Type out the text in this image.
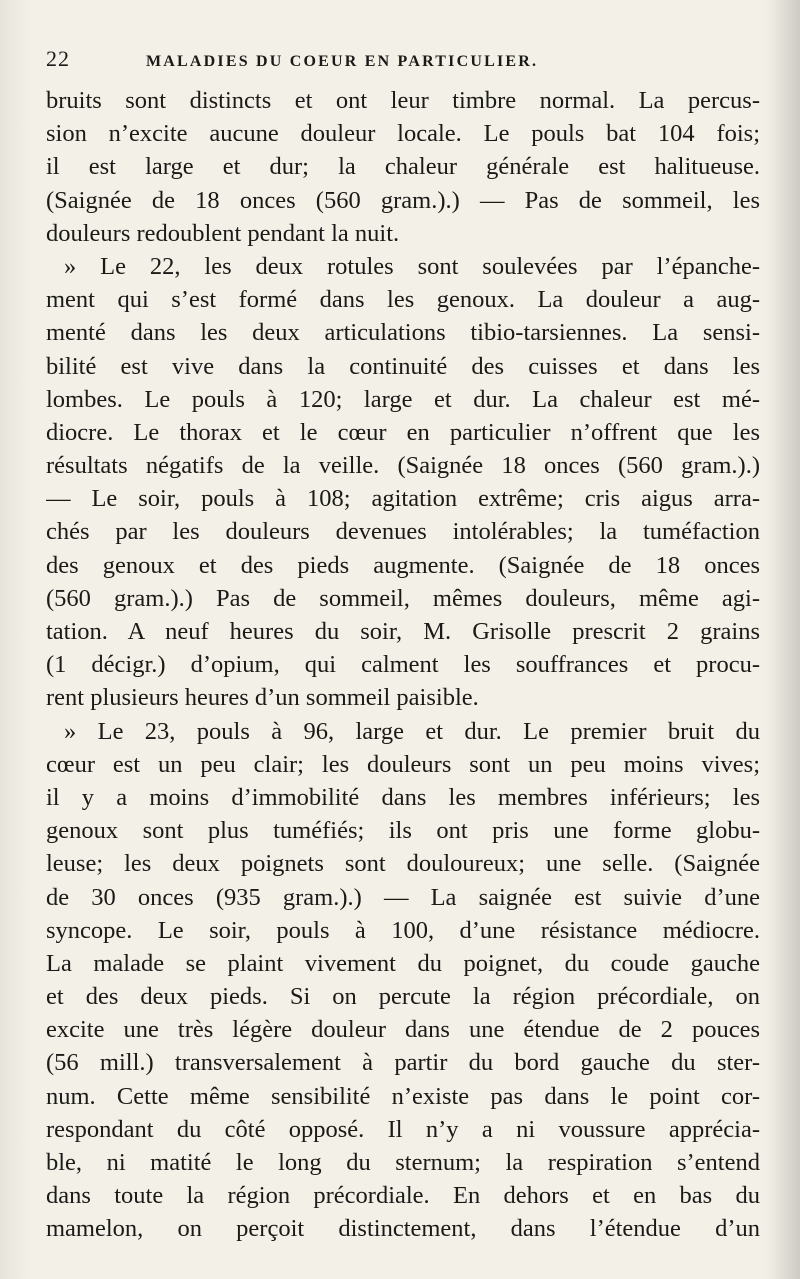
22	MALADIES DU COEUR EN PARTICULIER.
bruits sont distincts et ont leur timbre normal. La percus-
sion n’excite aucune douleur locale. Le pouls bat 104 fois;
il est large et dur; la chaleur générale est halitueuse.
(Saignée de 18 onces (560 gram.).) — Pas de sommeil, les
douleurs redoublent pendant la nuit.
» Le 22, les deux rotules sont soulevées par l’épanche-
ment qui s’est formé dans les genoux. La douleur a aug-
menté dans les deux articulations tibio-tarsiennes. La sensi-
bilité est vive dans la continuité des cuisses et dans les
lombes. Le pouls à 120; large et dur. La chaleur est mé-
diocre. Le thorax et le cœur en particulier n’offrent que les
résultats négatifs de la veille. (Saignée 18 onces (560 gram.).)
— Le soir, pouls à 108; agitation extrême; cris aigus arra-
chés par les douleurs devenues intolérables; la tuméfaction
des genoux et des pieds augmente. (Saignée de 18 onces
(560 gram.).) Pas de sommeil, mêmes douleurs, même agi-
tation. A neuf heures du soir, M. Grisolle prescrit 2 grains
(1 décigr.) d’opium, qui calment les souffrances et procu-
rent plusieurs heures d’un sommeil paisible.
» Le 23, pouls à 96, large et dur. Le premier bruit du
cœur est un peu clair; les douleurs sont un peu moins vives;
il y a moins d’immobilité dans les membres inférieurs; les
genoux sont plus tuméfiés; ils ont pris une forme globu-
leuse; les deux poignets sont douloureux; une selle. (Saignée
de 30 onces (935 gram.).) — La saignée est suivie d’une
syncope. Le soir, pouls à 100, d’une résistance médiocre.
La malade se plaint vivement du poignet, du coude gauche
et des deux pieds. Si on percute la région précordiale, on
excite une très légère douleur dans une étendue de 2 pouces
(56 mill.) transversalement à partir du bord gauche du ster-
num. Cette même sensibilité n’existe pas dans le point cor-
respondant du côté opposé. Il n’y a ni voussure apprécia-
ble, ni matité le long du sternum; la respiration s’entend
dans toute la région précordiale. En dehors et en bas du
mamelon, on perçoit distinctement, dans l’étendue d’un
